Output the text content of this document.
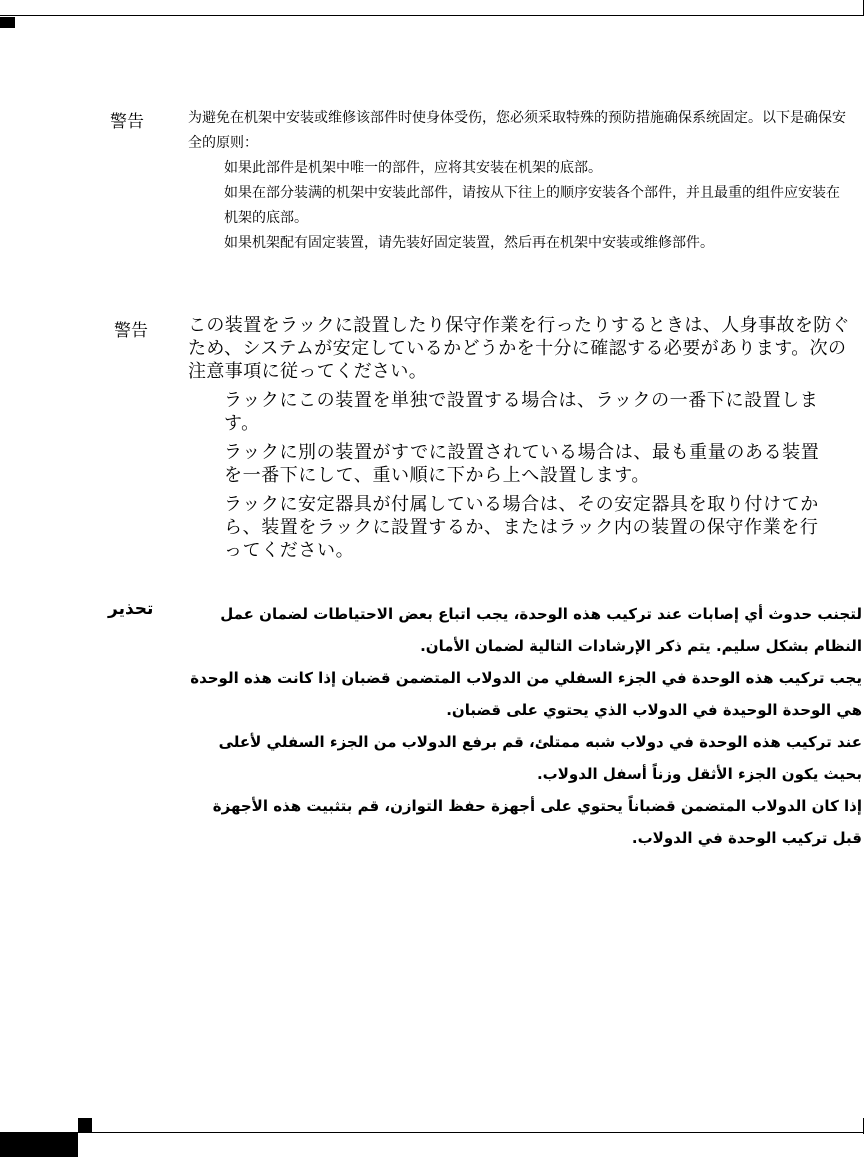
警告	为避免在机架中安装或维修该部件时使身体受伤，您必须采取特殊的预防措施确保系统固定。以下是确保安全的原则：
如果此部件是机架中唯一的部件，应将其安装在机架的底部。
如果在部分装满的机架中安装此部件，请按从下往上的顺序安装各个部件，并且最重的组件应安装在机架的底部。
如果机架配有固定装置，请先装好固定装置，然后再在机架中安装或维修部件。
警告 この装置をラックに設置したり保守作業を行ったりするときは、人身事故を防ぐため、システムが安定しているかどうかを十分に確認する必要があります。次の注意事項に従ってください。
ラックにこの装置を単独で設置する場合は、ラックの一番下に設置します。
ラックに別の装置がすでに設置されている場合は、最も重量のある装置を一番下にして、重い順に下から上へ設置します。
ラックに安定器具が付属している場合は、その安定器具を取り付けてから、装置をラックに設置するか、またはラック内の装置の保守作業を行ってください。
تحذير	لتجنب حدوث أي إصابات عند تركيب هذه الوحدة، يجب اتباع بعض الاحتياطات لضمان عمل النظام بشكل سليم. يتم ذكر الإرشادات التالية لضمان الأمان.
يجب تركيب هذه الوحدة في الجزء السفلي من الدولاب المتضمن قضبان إذا كانت هذه الوحدة هي الوحدة الوحيدة في الدولاب الذي يحتوي على قضبان.
عند تركيب هذه الوحدة في دولاب شبه ممتلئ، قم برفع الدولاب من الجزء السفلي لأعلى بحيث يكون الجزء الأثقل وزناً أسفل الدولاب.
إذا كان الدولاب المتضمن قضباناً يحتوي على أجهزة حفظ التوازن، قم بتثبيت هذه الأجهزة قبل تركيب الوحدة في الدولاب.
